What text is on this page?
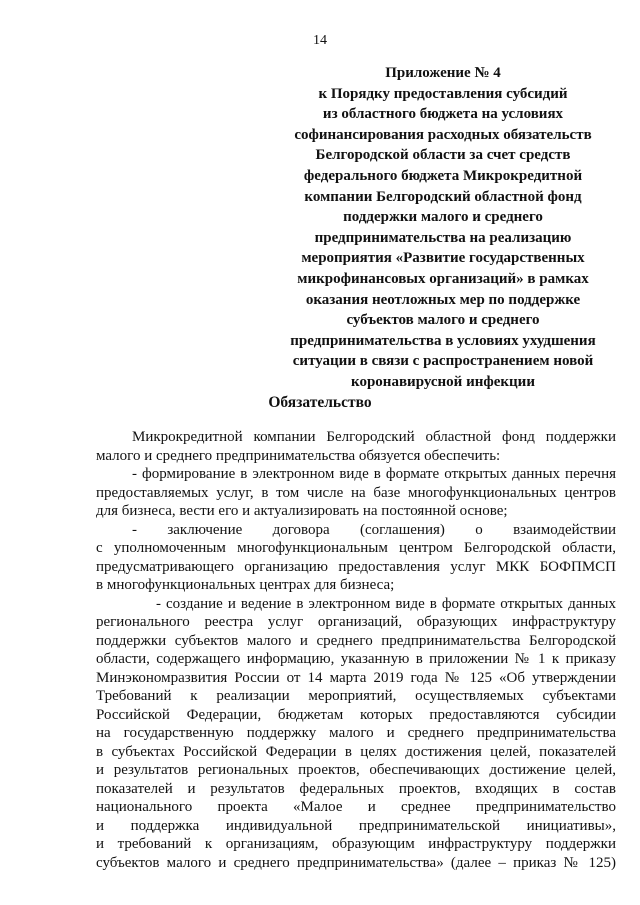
14
Приложение № 4
к Порядку предоставления субсидий
из областного бюджета на условиях
софинансирования расходных обязательств
Белгородской области за счет средств
федерального бюджета Микрокредитной
компании Белгородский областной фонд
поддержки малого и среднего
предпринимательства на реализацию
мероприятия «Развитие государственных
микрофинансовых организаций» в рамках
оказания неотложных мер по поддержке
субъектов малого и среднего
предпринимательства в условиях ухудшения
ситуации в связи с распространением новой
коронавирусной инфекции
Обязательство
Микрокредитной компании Белгородский областной фонд поддержки
малого и среднего предпринимательства обязуется обеспечить:
- формирование в электронном виде в формате открытых данных перечня
предоставляемых услуг, в том числе на базе многофункциональных центров
для бизнеса, вести его и актуализировать на постоянной основе;
- заключение договора (соглашения) о взаимодействии
с уполномоченным многофункциональным центром Белгородской области,
предусматривающего организацию предоставления услуг МКК БОФПМСП
в многофункциональных центрах для бизнеса;
- создание и ведение в электронном виде в формате открытых данных
регионального реестра услуг организаций, образующих инфраструктуру
поддержки субъектов малого и среднего предпринимательства Белгородской
области, содержащего информацию, указанную в приложении № 1 к приказу
Минэкономразвития России от 14 марта 2019 года № 125 «Об утверждении
Требований к реализации мероприятий, осуществляемых субъектами
Российской Федерации, бюджетам которых предоставляются субсидии
на государственную поддержку малого и среднего предпринимательства
в субъектах Российской Федерации в целях достижения целей, показателей
и результатов региональных проектов, обеспечивающих достижение целей,
показателей и результатов федеральных проектов, входящих в состав
национального проекта «Малое и среднее предпринимательство
и поддержка индивидуальной предпринимательской инициативы»,
и требований к организациям, образующим инфраструктуру поддержки
субъектов малого и среднего предпринимательства» (далее – приказ № 125)
